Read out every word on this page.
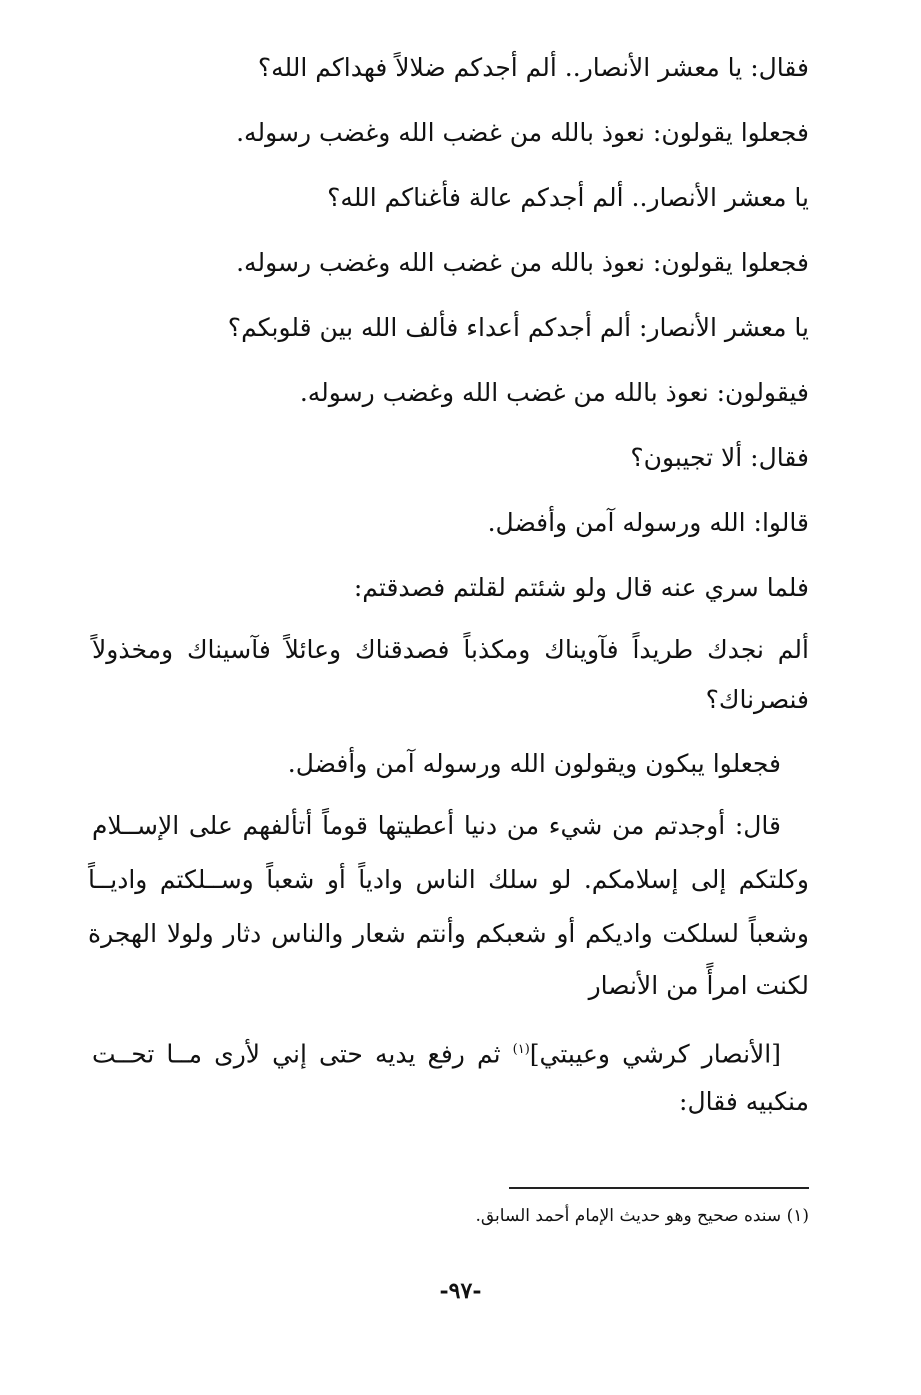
فقال: يا معشر الأنصار.. ألم أجدكم ضلالاً فهداكم الله؟
فجعلوا يقولون: نعوذ بالله من غضب الله وغضب رسوله.
يا معشر الأنصار.. ألم أجدكم عالة فأغناكم الله؟
فجعلوا يقولون: نعوذ بالله من غضب الله وغضب رسوله.
يا معشر الأنصار: ألم أجدكم أعداء فألف الله بين قلوبكم؟
فيقولون: نعوذ بالله من غضب الله وغضب رسوله.
فقال: ألا تجيبون؟
قالوا: الله ورسوله آمن وأفضل.
فلما سري عنه قال ولو شئتم لقلتم فصدقتم:
ألم نجدك طريداً فآويناك ومكذباً فصدقناك وعائلاً فآسيناك ومخذولاً
فنصرناك؟
فجعلوا يبكون ويقولون الله ورسوله آمن وأفضل.
قال: أوجدتم من شيء من دنيا أعطيتها قوماً أتألفهم على الإســلام
وكلتكم إلى إسلامكم. لو سلك الناس وادياً أو شعباً وســلكتم واديــاً
وشعباً لسلكت واديكم أو شعبكم وأنتم شعار والناس دثار ولولا الهجرة
لكنت امرأً من الأنصار
[الأنصار كرشي وعيبتي]$^{(١)}$ ثم رفع يديه حتى إني لأرى مــا تحــت
منكبيه فقال:
(١) سنده صحيح وهو حديث الإمام أحمد السابق.
-٩٧-
